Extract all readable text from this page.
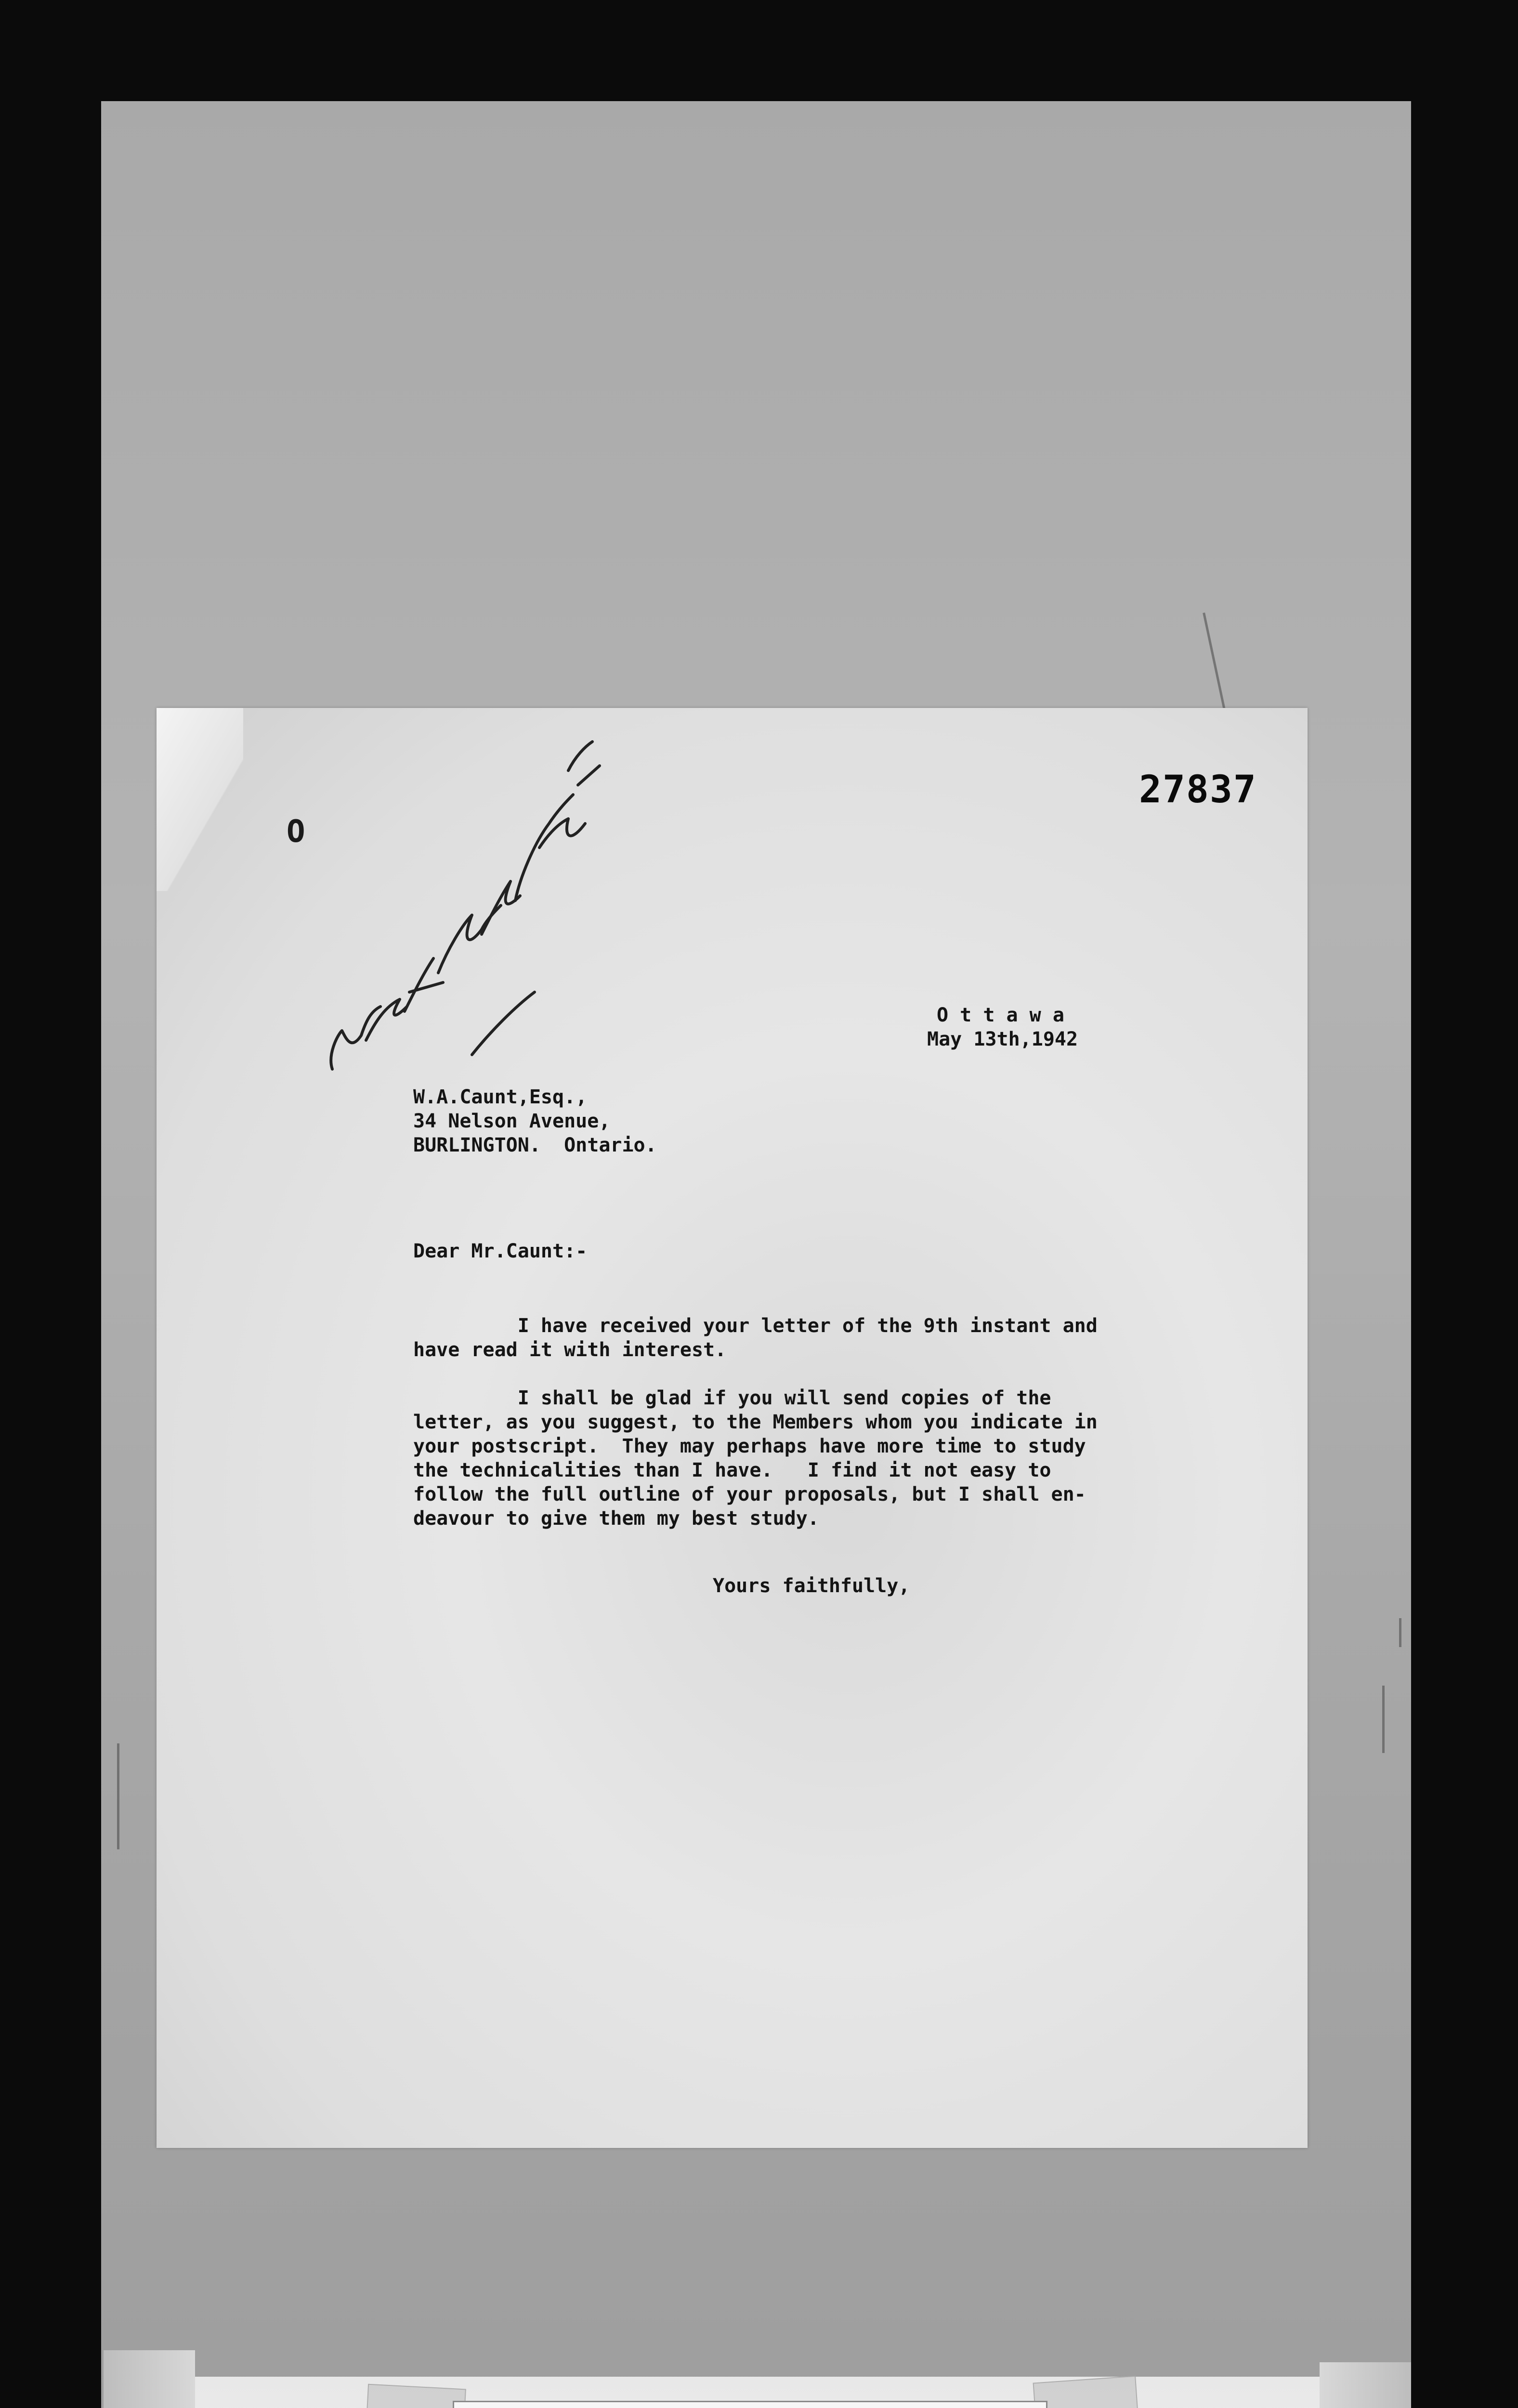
27837
O
O t t a w a
May 13th,1942
W.A.Caunt,Esq.,
34 Nelson Avenue,
BURLINGTON.  Ontario.
Dear Mr.Caunt:-
I have received your letter of the 9th instant and
have read it with interest.
I shall be glad if you will send copies of the
letter, as you suggest, to the Members whom you indicate in
your postscript.  They may perhaps have more time to study
the technicalities than I have.   I find it not easy to
follow the full outline of your proposals, but I shall en-
deavour to give them my best study.
Yours faithfully,
